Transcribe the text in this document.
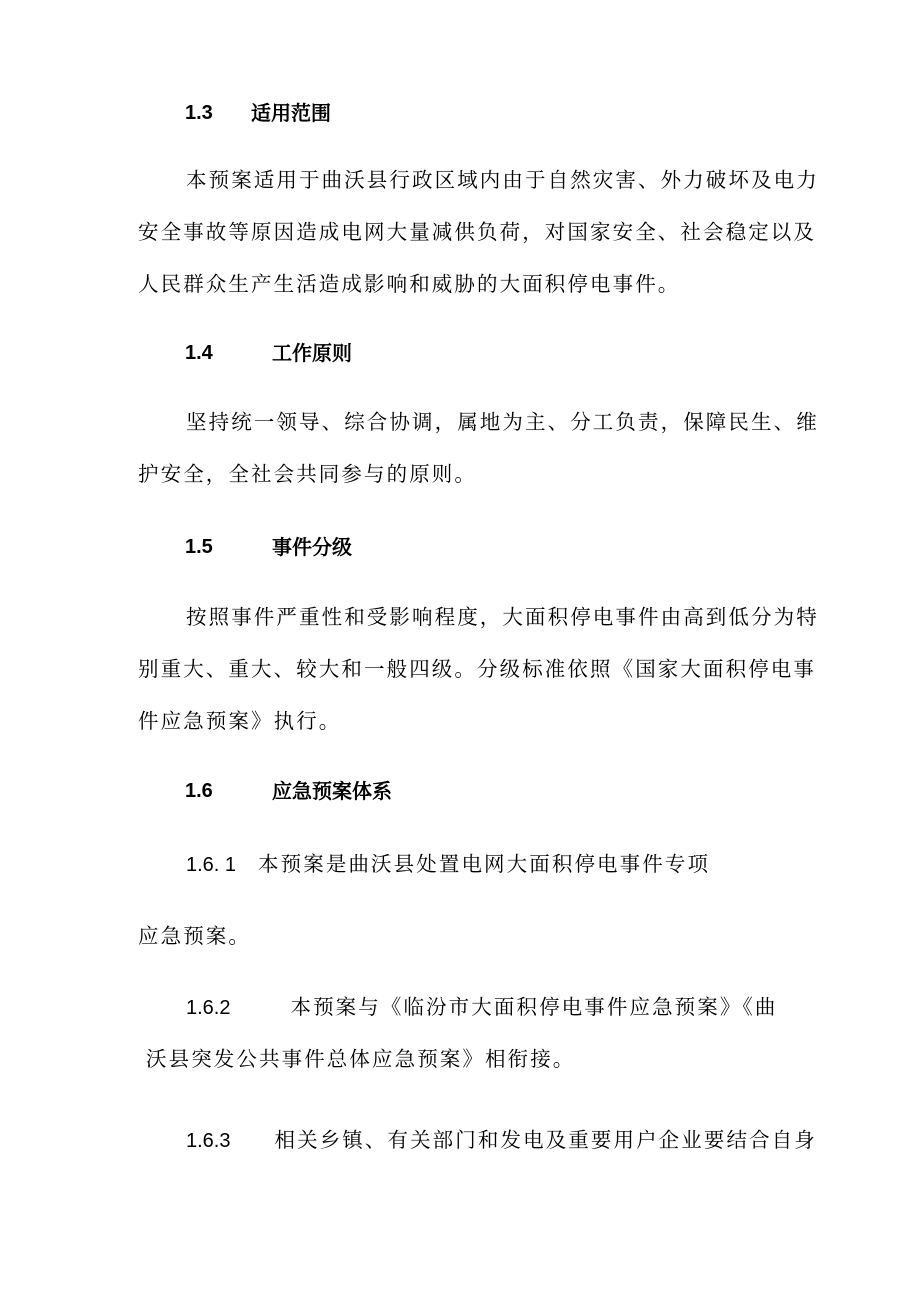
1.3 适用范围
本预案适用于曲沃县行政区域内由于自然灾害、外力破坏及电力
安全事故等原因造成电网大量减供负荷，对国家安全、社会稳定以及
人民群众生产生活造成影响和威胁的大面积停电事件。
1.4	工作原则
坚持统一领导、综合协调，属地为主、分工负责，保障民生、维
护安全，全社会共同参与的原则。
1.5	事件分级
按照事件严重性和受影响程度，大面积停电事件由高到低分为特
别重大、重大、较大和一般四级。分级标准依照《国家大面积停电事
件应急预案》执行。
1.6	应急预案体系
1.6. 1 本预案是曲沃县处置电网大面积停电事件专项
应急预案。
1.6.2	本预案与《临汾市大面积停电事件应急预案》《曲
沃县突发公共事件总体应急预案》相衔接。
1.6.3 相关乡镇、有关部门和发电及重要用户企业要结合自身
